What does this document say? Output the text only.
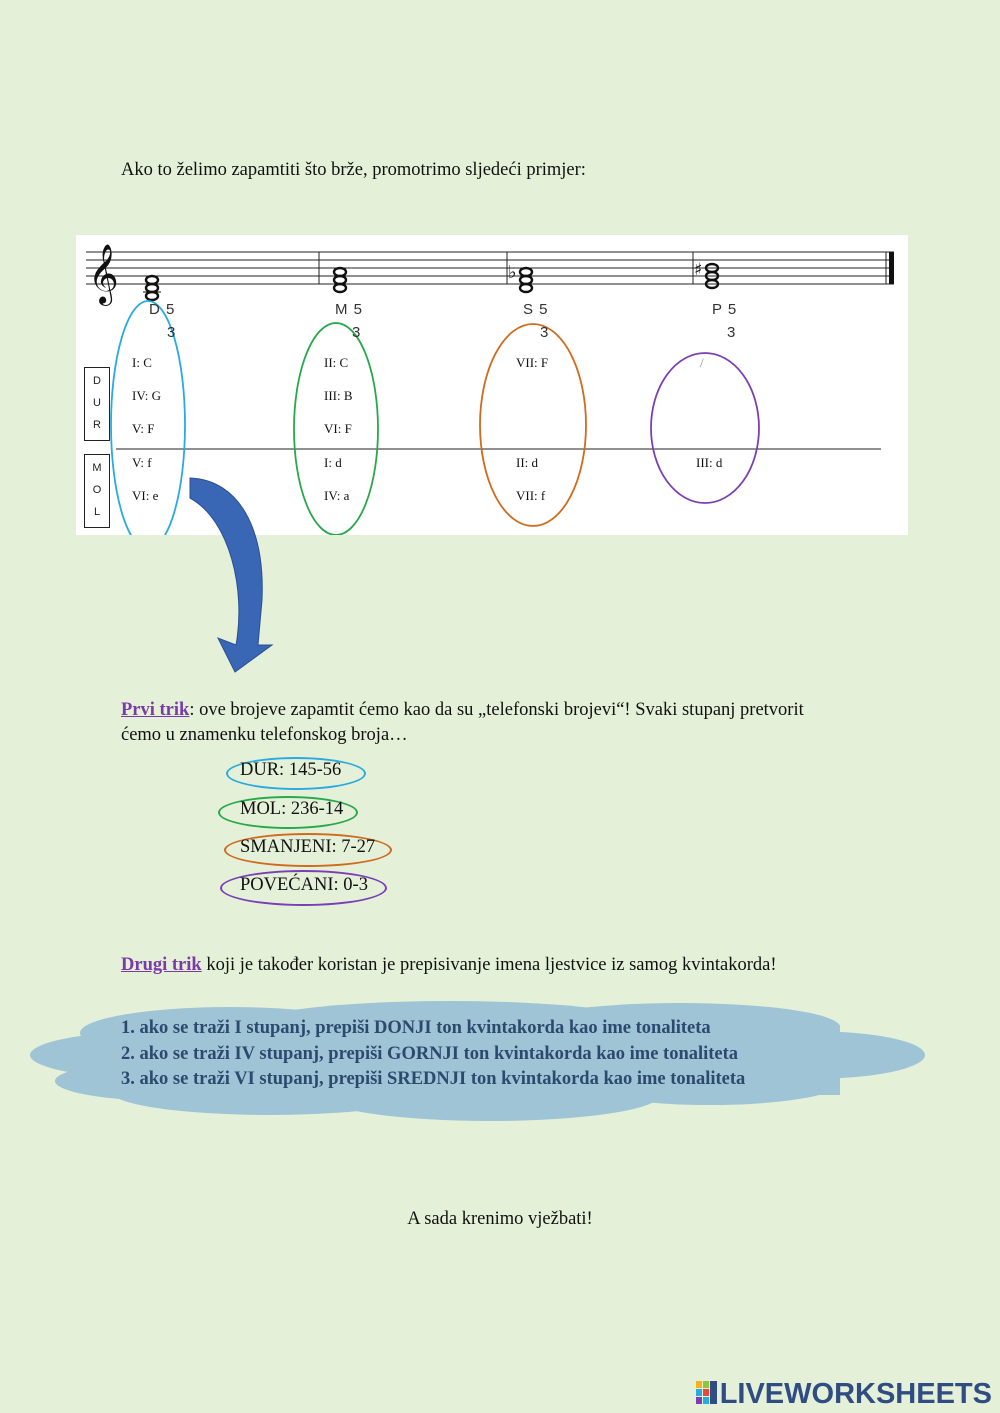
Ako to želimo zapamtiti što brže, promotrimo sljedeći primjer:
𝄞	♭	♯
D 5
3
M 5
3
S 5
3
P 5
3
D
U
R
M
O
L
I: C
IV: G
V: F
V: f
VI: e
II: C
III: B
VI: F
I: d
IV: a
VII: F
II: d
VII: f
/
III: d
Prvi trik: ove brojeve zapamtit ćemo kao da su „telefonski brojevi“! Svaki stupanj pretvorit
ćemo u znamenku telefonskog broja…
DUR: 145-56
MOL: 236-14
SMANJENI: 7-27
POVEĆANI: 0-3
Drugi trik koji je također koristan je prepisivanje imena ljestvice iz samog kvintakorda!
1. ako se traži I stupanj, prepiši DONJI ton kvintakorda kao ime tonaliteta
2. ako se traži IV stupanj, prepiši GORNJI ton kvintakorda kao ime tonaliteta
3. ako se traži VI stupanj, prepiši SREDNJI ton kvintakorda kao ime tonaliteta
A sada krenimo vježbati!
LIVEWORKSHEETS
